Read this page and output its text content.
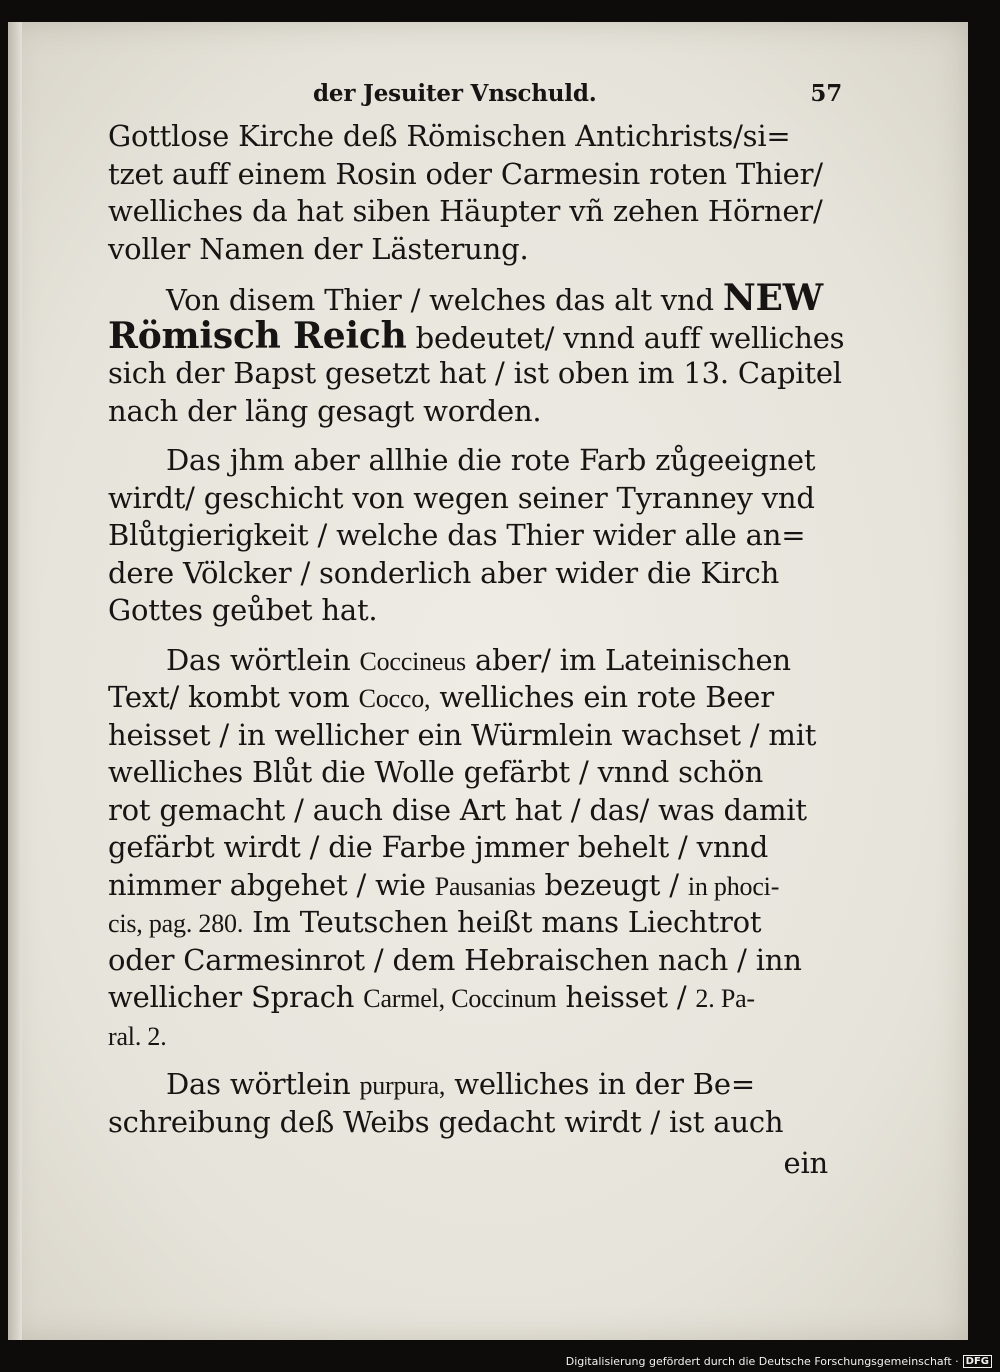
der Jesuiter Vnschuld.	57
Gottlose Kirche deß Römischen Antichrists/si=
tzet auff einem Rosin oder Carmesin roten Thier/
welliches da hat siben Häupter vñ zehen Hörner/
voller Namen der Lästerung.
Von disem Thier / welches das alt vnd NEW
Römisch Reich bedeutet/ vnnd auff welliches
sich der Bapst gesetzt hat / ist oben im 13. Capitel
nach der läng gesagt worden.
Das jhm aber allhie die rote Farb zůgeeignet
wirdt/ geschicht von wegen seiner Tyranney vnd
Blůtgierigkeit / welche das Thier wider alle an=
dere Völcker / sonderlich aber wider die Kirch
Gottes geůbet hat.
Das wörtlein Coccineus aber/ im Lateinischen
Text/ kombt vom Cocco, welliches ein rote Beer
heisset / in wellicher ein Würmlein wachset / mit
welliches Blůt die Wolle gefärbt / vnnd schön
rot gemacht / auch dise Art hat / das/ was damit
gefärbt wirdt / die Farbe jmmer behelt / vnnd
nimmer abgehet / wie Pausanias bezeugt / in phoci-
cis, pag. 280. Im Teutschen heißt mans Liechtrot
oder Carmesinrot / dem Hebraischen nach / inn
wellicher Sprach Carmel, Coccinum heisset / 2. Pa-
ral. 2.
Das wörtlein purpura, welliches in der Be=
schreibung deß Weibs gedacht wirdt / ist auch
ein
Digitalisierung gefördert durch die Deutsche Forschungsgemeinschaft · DFG
